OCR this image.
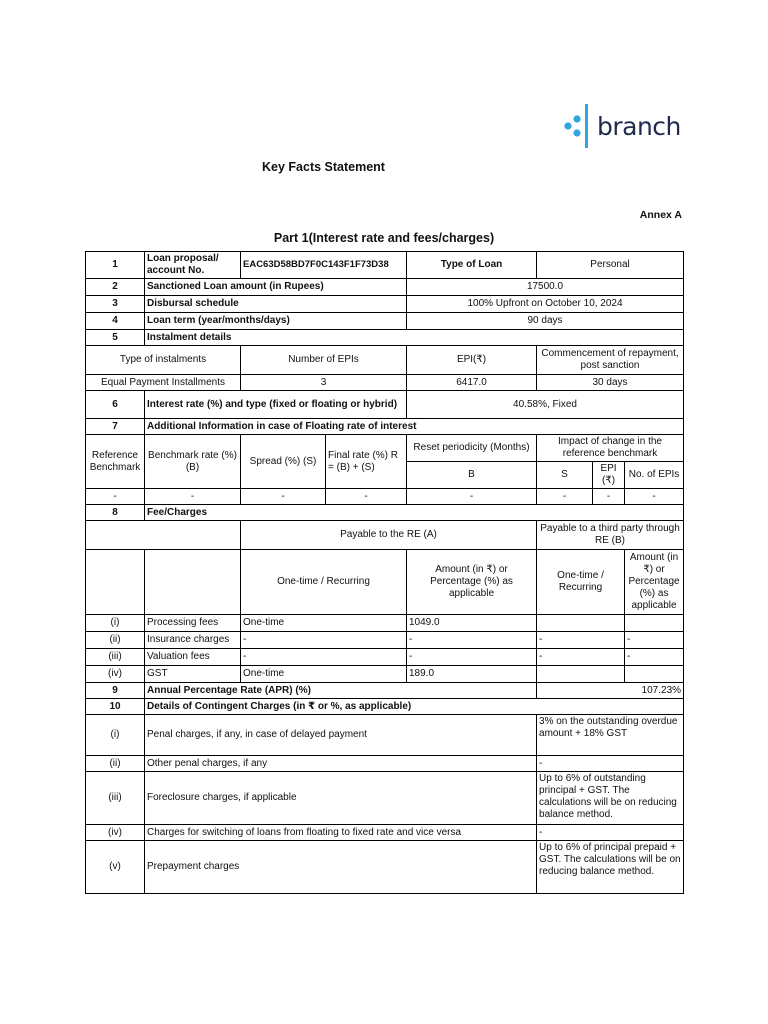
branch
Key Facts Statement
Annex A
Part 1(Interest rate and fees/charges)
1	Loan proposal/ account No.	EAC63D58BD7F0C143F1F73D38		Type of Loan	Personal		
2	Sanctioned Loan amount (in Rupees)			17500.0			
3	Disbursal schedule			100% Upfront on October 10, 2024			
4	Loan term (year/months/days)			90 days			
5	Instalment details						
Type of instalments		Number of EPIs		EPI(₹)	Commencement of repayment, post sanction		
Equal Payment Installments		3		6417.0	30 days		
6	Interest rate (%) and type (fixed or floating or hybrid)			40.58%, Fixed			
7	Additional Information in case of Floating rate of interest						
Reference Benchmark	Benchmark rate (%) (B)	Spread (%) (S)	Final rate (%) R = (B) + (S)	Reset periodicity (Months)	Impact of change in the reference benchmark		
				B	S	EPI (₹)	No. of EPIs
-	-	-	-	-	-	-	-
8	Fee/Charges						
		Payable to the RE (A)			Payable to a third party through RE (B)		
		One-time / Recurring		Amount (in ₹) or Percentage (%) as applicable	One-time / Recurring		Amount (in ₹) or Percentage (%) as applicable
(i)	Processing fees	One-time		1049.0			
(ii)	Insurance charges	-		-	-		-
(iii)	Valuation fees	-		-	-		-
(iv)	GST	One-time		189.0			
9	Annual Percentage Rate (APR) (%)				107.23%		
10	Details of Contingent Charges (in ₹ or %, as applicable)						
(i)	Penal charges, if any, in case of delayed payment				3% on the outstanding overdue amount + 18% GST		
(ii)	Other penal charges, if any				-		
(iii)	Foreclosure charges, if applicable				Up to 6% of outstanding principal + GST. The calculations will be on reducing balance method.		
(iv)	Charges for switching of loans from floating to fixed rate and vice versa				-		
(v)	Prepayment charges				Up to 6% of principal prepaid + GST. The calculations will be on reducing balance method.		
